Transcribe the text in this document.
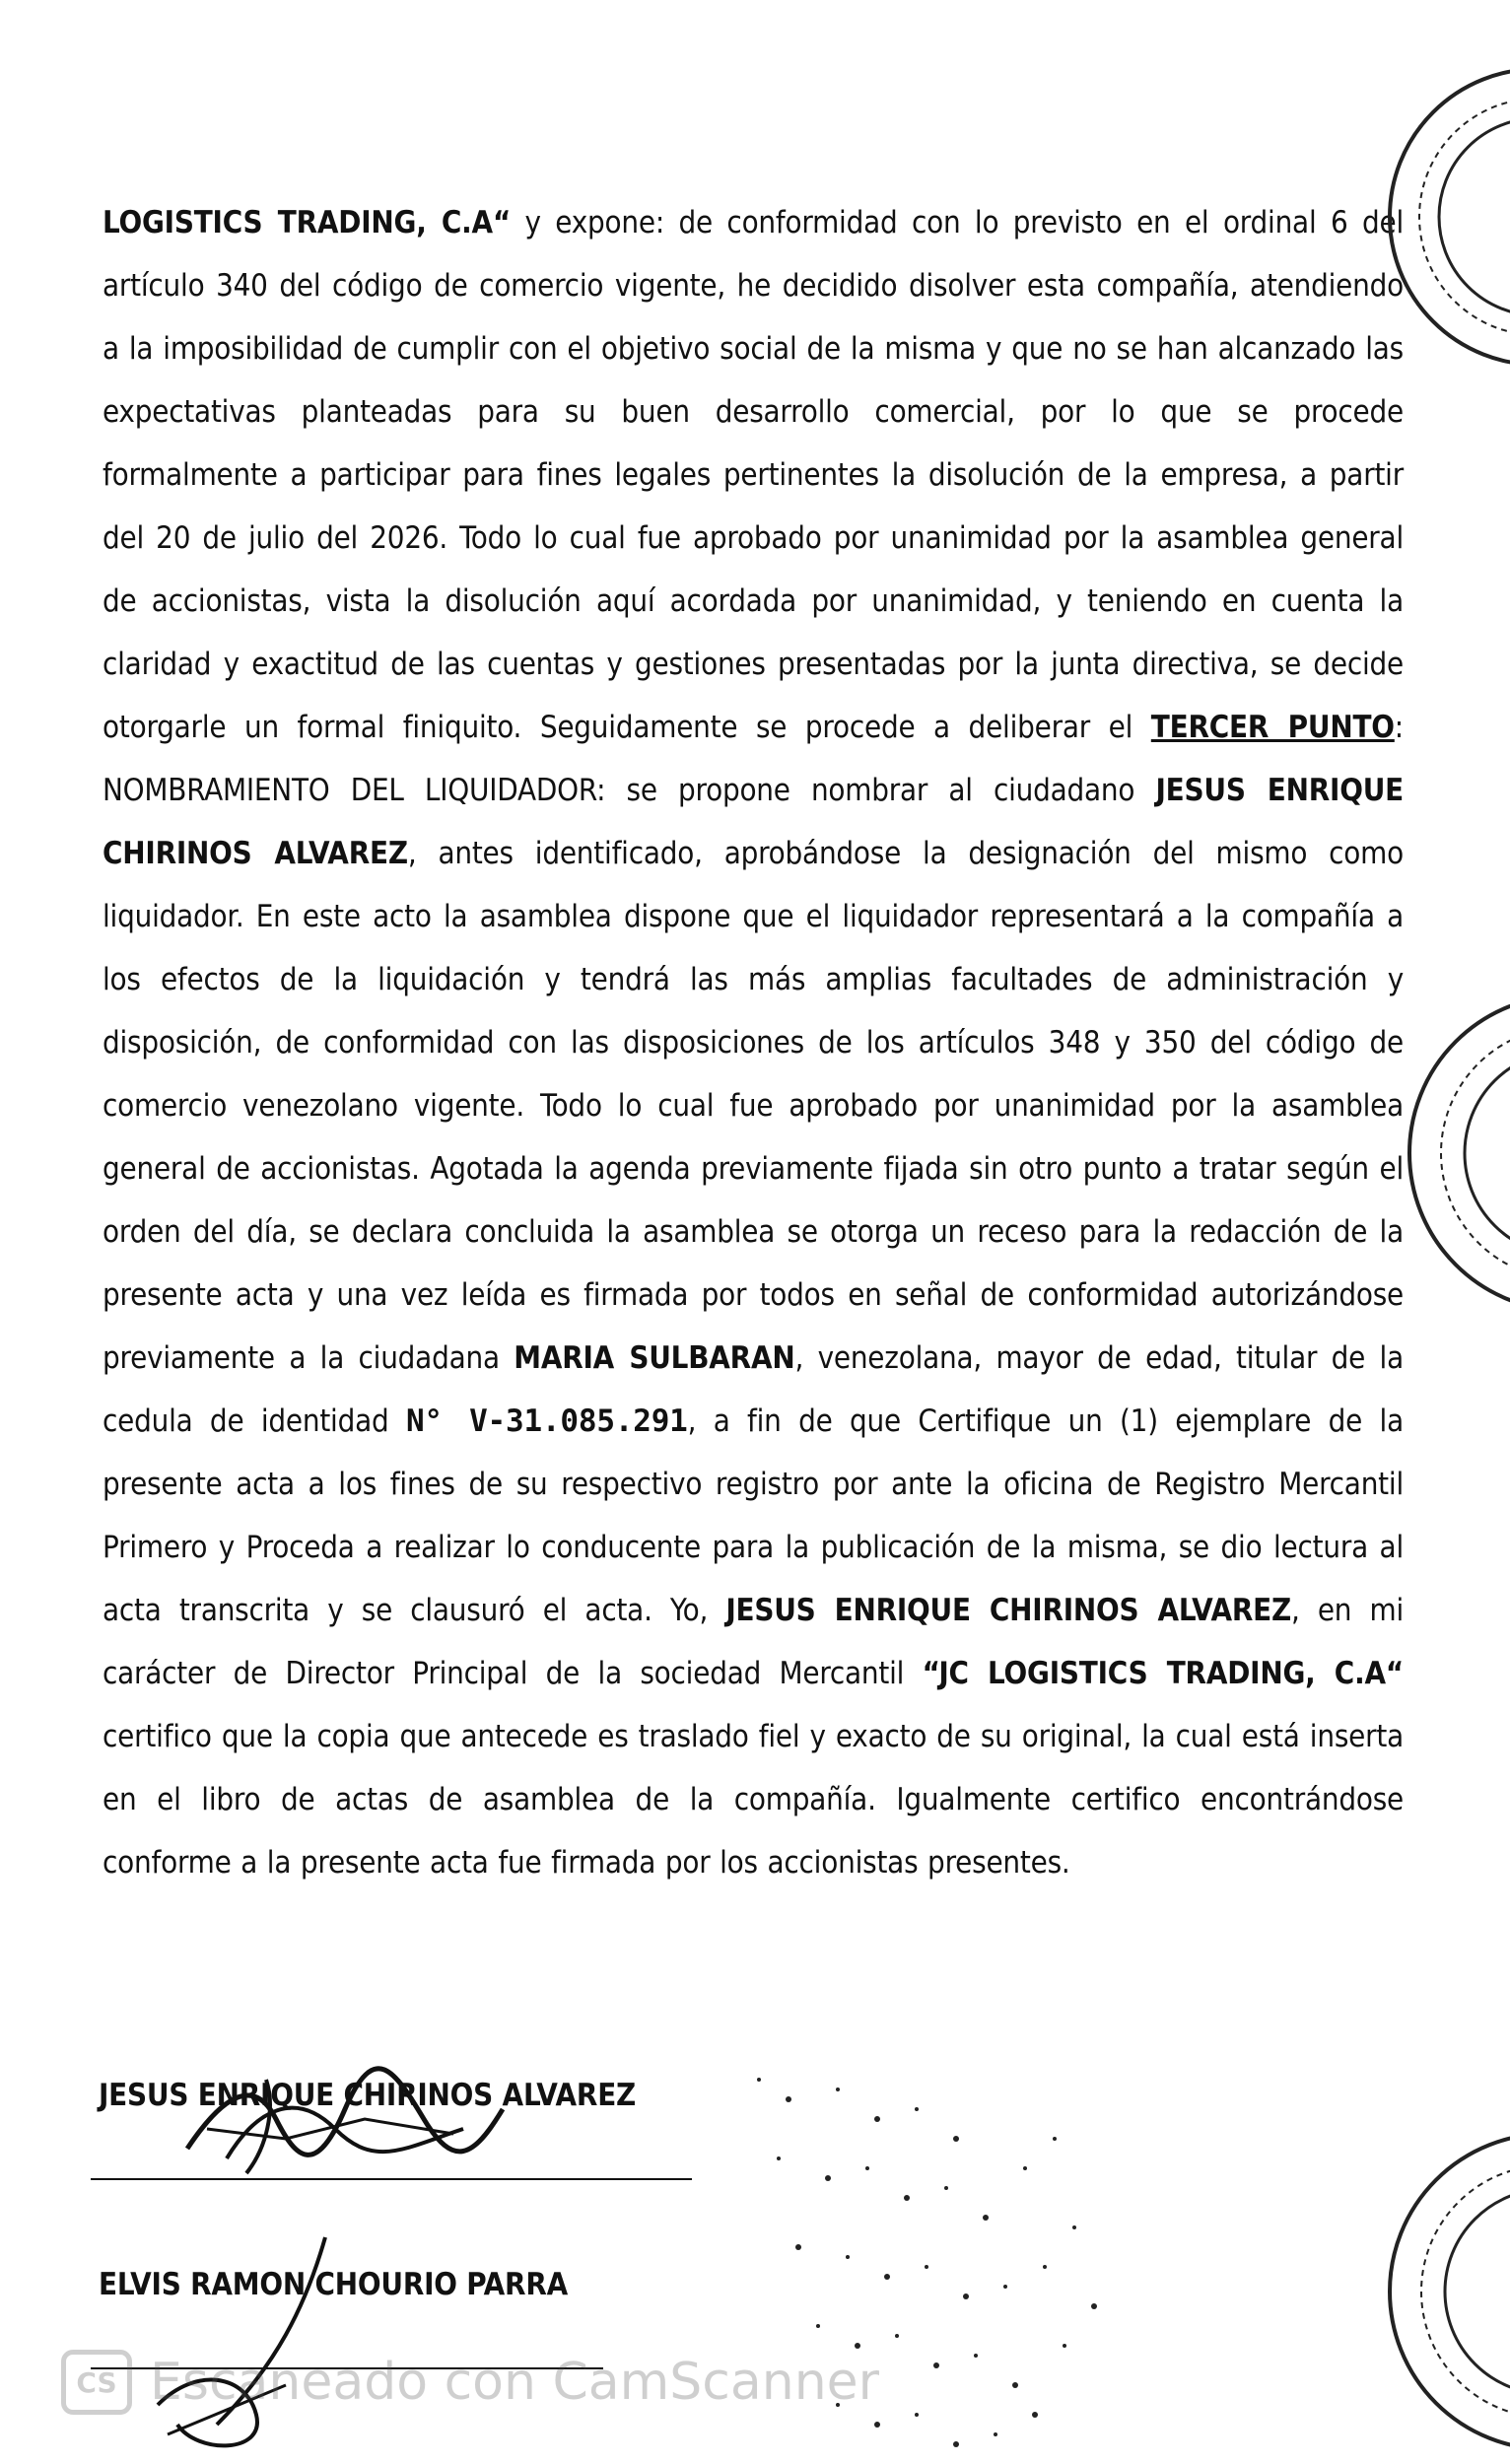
LOGISTICS TRADING, C.A“ y expone: de conformidad con lo previsto en el ordinal 6 del artículo 340 del código de comercio vigente, he decidido disolver esta compañía, atendiendo a la imposibilidad de cumplir con el objetivo social de la misma y que no se han alcanzado las expectativas planteadas para su buen desarrollo comercial, por lo que se procede formalmente a participar para fines legales pertinentes la disolución de la empresa, a partir del 20 de julio del 2026. Todo lo cual fue aprobado por unanimidad por la asamblea general de accionistas, vista la disolución aquí acordada por unanimidad, y teniendo en cuenta la claridad y exactitud de las cuentas y gestiones presentadas por la junta directiva, se decide otorgarle un formal finiquito. Seguidamente se procede a deliberar el TERCER PUNTO: NOMBRAMIENTO DEL LIQUIDADOR: se propone nombrar al ciudadano JESUS ENRIQUE CHIRINOS ALVAREZ, antes identificado, aprobándose la designación del mismo como liquidador. En este acto la asamblea dispone que el liquidador representará a la compañía a los efectos de la liquidación y tendrá las más amplias facultades de administración y disposición, de conformidad con las disposiciones de los artículos 348 y 350 del código de comercio venezolano vigente. Todo lo cual fue aprobado por unanimidad por la asamblea general de accionistas. Agotada la agenda previamente fijada sin otro punto a tratar según el orden del día, se declara concluida la asamblea se otorga un receso para la redacción de la presente acta y una vez leída es firmada por todos en señal de conformidad autorizándose previamente a la ciudadana MARIA SULBARAN, venezolana, mayor de edad, titular de la cedula de identidad N° V-31.085.291, a fin de que Certifique un (1) ejemplare de la presente acta a los fines de su respectivo registro por ante la oficina de Registro Mercantil Primero y Proceda a realizar lo conducente para la publicación de la misma, se dio lectura al acta transcrita y se clausuró el acta. Yo, JESUS ENRIQUE CHIRINOS ALVAREZ, en mi carácter de Director Principal de la sociedad Mercantil “JC LOGISTICS TRADING, C.A“ certifico que la copia que antecede es traslado fiel y exacto de su original, la cual está inserta en el libro de actas de asamblea de la compañía. Igualmente certifico encontrándose conforme a la presente acta fue firmada por los accionistas presentes.
JESUS ENRIQUE CHIRINOS ALVAREZ
ELVIS RAMON CHOURIO PARRA
CS Escaneado con CamScanner
